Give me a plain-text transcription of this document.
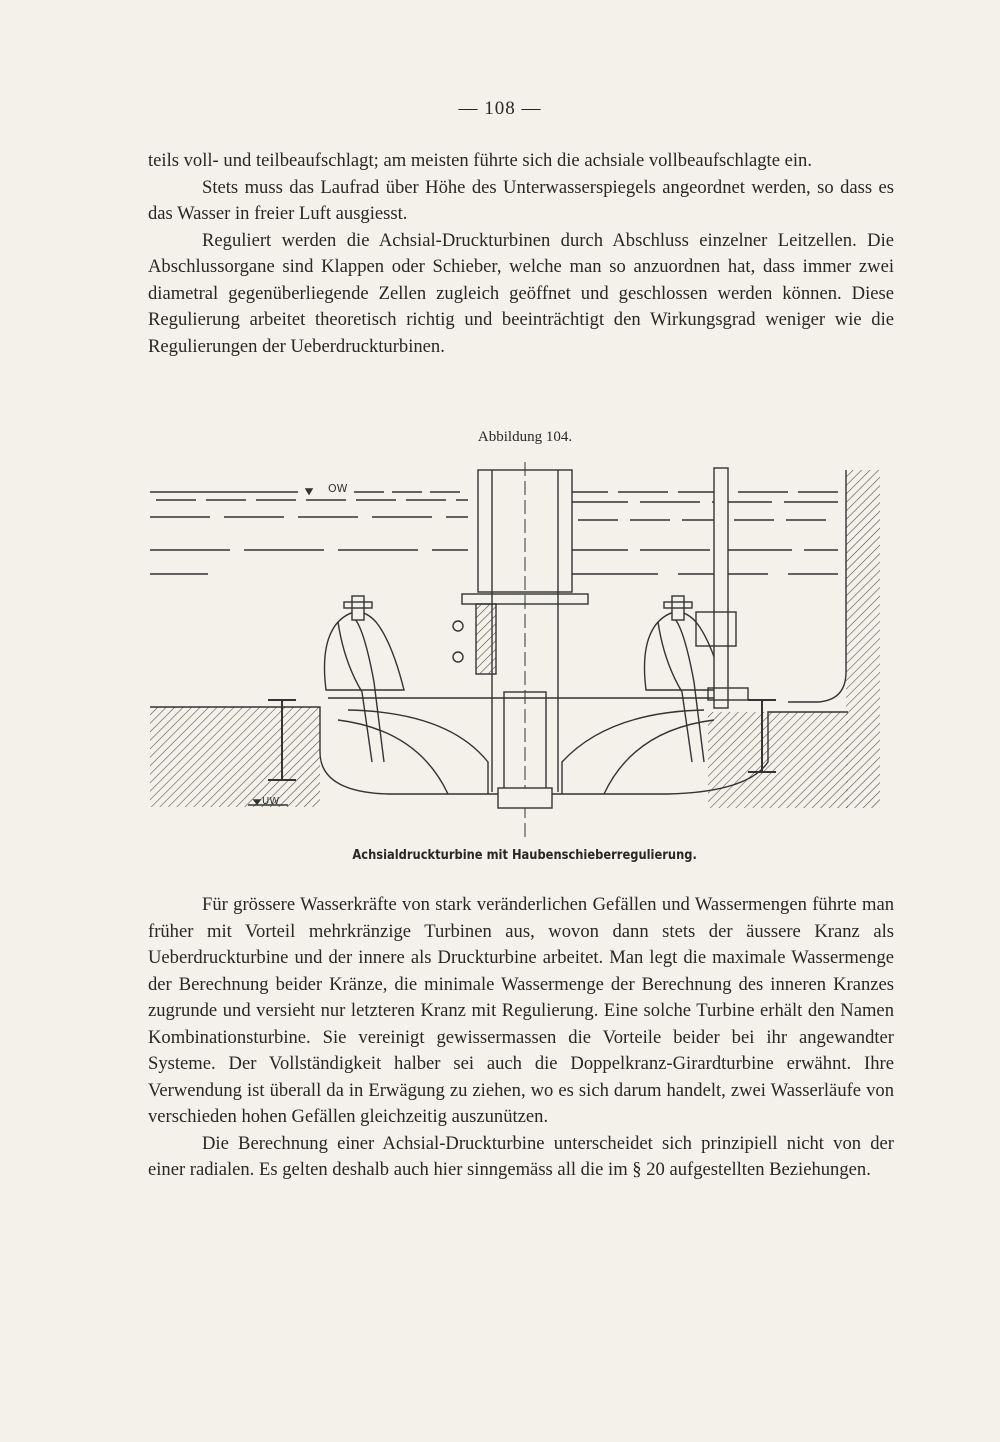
— 108 —

teils voll- und teilbeaufschlagt; am meisten führte sich die achsiale vollbeaufschlagte ein.

Stets muss das Laufrad über Höhe des Unterwasserspiegels angeordnet werden, so dass es das Wasser in freier Luft ausgiesst.

Reguliert werden die Achsial-Druckturbinen durch Abschluss einzelner Leitzellen. Die Abschlussorgane sind Klappen oder Schieber, welche man so anzuordnen hat, dass immer zwei diametral gegenüberliegende Zellen zugleich geöffnet und geschlossen werden können. Diese Regulierung arbeitet theoretisch richtig und beeinträchtigt den Wirkungsgrad weniger wie die Regulierungen der Ueberdruckturbinen.

Abbildung 104.
OW
UW
Achsialdruckturbine mit Haubenschieberregulierung.

Für grössere Wasserkräfte von stark veränderlichen Gefällen und Wassermengen führte man früher mit Vorteil mehrkränzige Turbinen aus, wovon dann stets der äussere Kranz als Ueberdruckturbine und der innere als Druckturbine arbeitet. Man legt die maximale Wassermenge der Berechnung beider Kränze, die minimale Wassermenge der Berechnung des inneren Kranzes zugrunde und versieht nur letzteren Kranz mit Regulierung. Eine solche Turbine erhält den Namen Kombinationsturbine. Sie vereinigt gewissermassen die Vorteile beider bei ihr angewandter Systeme. Der Vollständigkeit halber sei auch die Doppelkranz-Girardturbine erwähnt. Ihre Verwendung ist überall da in Erwägung zu ziehen, wo es sich darum handelt, zwei Wasserläufe von verschieden hohen Gefällen gleichzeitig auszunützen.

Die Berechnung einer Achsial-Druckturbine unterscheidet sich prinzipiell nicht von der einer radialen. Es gelten deshalb auch hier sinngemäss all die im § 20 aufgestellten Beziehungen.
